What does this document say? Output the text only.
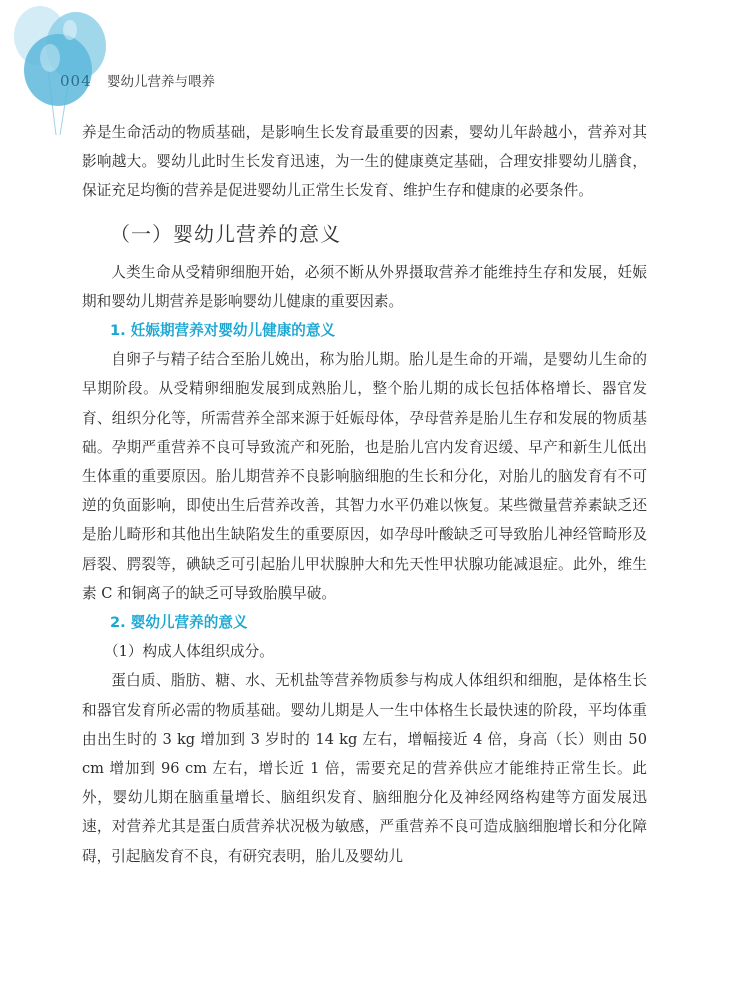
004 婴幼儿营养与喂养

养是生命活动的物质基础，是影响生长发育最重要的因素，婴幼儿年龄越小，营养对其影响越大。婴幼儿此时生长发育迅速，为一生的健康奠定基础，合理安排婴幼儿膳食，保证充足均衡的营养是促进婴幼儿正常生长发育、维护生存和健康的必要条件。

（一）婴幼儿营养的意义

人类生命从受精卵细胞开始，必须不断从外界摄取营养才能维持生存和发展，妊娠期和婴幼儿期营养是影响婴幼儿健康的重要因素。

1. 妊娠期营养对婴幼儿健康的意义

自卵子与精子结合至胎儿娩出，称为胎儿期。胎儿是生命的开端，是婴幼儿生命的早期阶段。从受精卵细胞发展到成熟胎儿，整个胎儿期的成长包括体格增长、器官发育、组织分化等，所需营养全部来源于妊娠母体，孕母营养是胎儿生存和发展的物质基础。孕期严重营养不良可导致流产和死胎，也是胎儿宫内发育迟缓、早产和新生儿低出生体重的重要原因。胎儿期营养不良影响脑细胞的生长和分化，对胎儿的脑发育有不可逆的负面影响，即使出生后营养改善，其智力水平仍难以恢复。某些微量营养素缺乏还是胎儿畸形和其他出生缺陷发生的重要原因，如孕母叶酸缺乏可导致胎儿神经管畸形及唇裂、腭裂等，碘缺乏可引起胎儿甲状腺肿大和先天性甲状腺功能减退症。此外，维生素 C 和铜离子的缺乏可导致胎膜早破。

2. 婴幼儿营养的意义

（1）构成人体组织成分。

蛋白质、脂肪、糖、水、无机盐等营养物质参与构成人体组织和细胞，是体格生长和器官发育所必需的物质基础。婴幼儿期是人一生中体格生长最快速的阶段，平均体重由出生时的 3 kg 增加到 3 岁时的 14 kg 左右，增幅接近 4 倍，身高（长）则由 50 cm 增加到 96 cm 左右，增长近 1 倍，需要充足的营养供应才能维持正常生长。此外，婴幼儿期在脑重量增长、脑组织发育、脑细胞分化及神经网络构建等方面发展迅速，对营养尤其是蛋白质营养状况极为敏感，严重营养不良可造成脑细胞增长和分化障碍，引起脑发育不良，有研究表明，胎儿及婴幼儿
